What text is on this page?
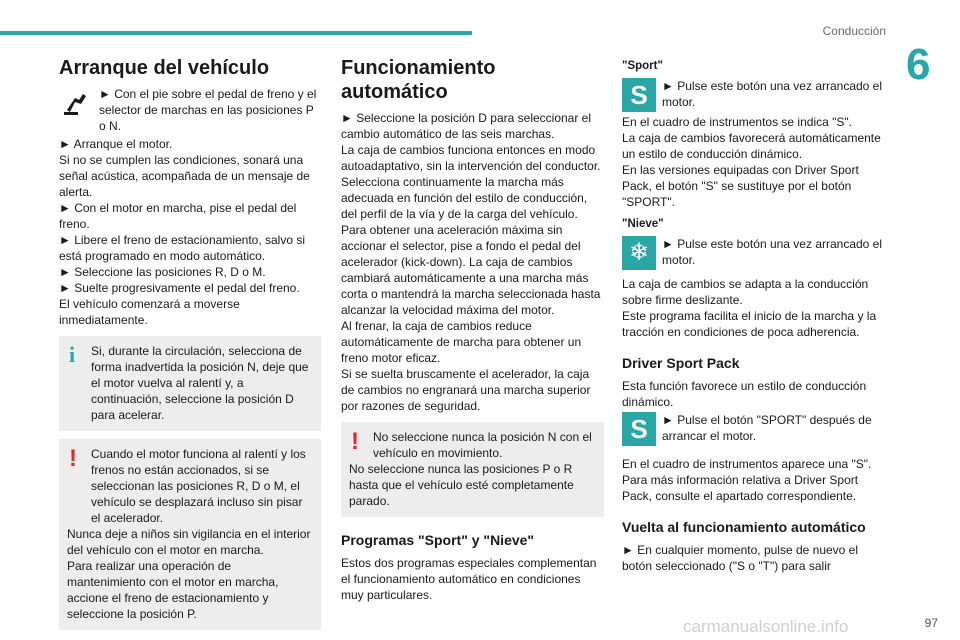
Conducción
6
Arranque del vehículo

► Con el pie sobre el pedal de freno y el selector de marchas en las posiciones P o N.

► Arranque el motor.

Si no se cumplen las condiciones, sonará una señal acústica, acompañada de un mensaje de alerta.

► Con el motor en marcha, pise el pedal del freno.

► Libere el freno de estacionamiento, salvo si está programado en modo automático.

► Seleccione las posiciones R, D o M.

► Suelte progresivamente el pedal del freno.

El vehículo comenzará a moverse inmediatamente.

i	Si, durante la circulación, selecciona de forma inadvertida la posición N, deje que el motor vuelva al ralentí y, a continuación, seleccione la posición D para acelerar.

!	Cuando el motor funciona al ralentí y los frenos no están accionados, si se seleccionan las posiciones R, D o M, el vehículo se desplazará incluso sin pisar el acelerador.

Nunca deje a niños sin vigilancia en el interior del vehículo con el motor en marcha.

Para realizar una operación de mantenimiento con el motor en marcha, accione el freno de estacionamiento y seleccione la posición P.

Funcionamiento automático

► Seleccione la posición D para seleccionar el cambio automático de las seis marchas.

La caja de cambios funciona entonces en modo autoadaptativo, sin la intervención del conductor.

Selecciona continuamente la marcha más adecuada en función del estilo de conducción, del perfil de la vía y de la carga del vehículo.

Para obtener una aceleración máxima sin accionar el selector, pise a fondo el pedal del acelerador (kick-down). La caja de cambios cambiará automáticamente a una marcha más corta o mantendrá la marcha seleccionada hasta alcanzar la velocidad máxima del motor.

Al frenar, la caja de cambios reduce automáticamente de marcha para obtener un freno motor eficaz.

Si se suelta bruscamente el acelerador, la caja de cambios no engranará una marcha superior por razones de seguridad.

!	No seleccione nunca la posición N con el vehículo en movimiento.

No seleccione nunca las posiciones P o R hasta que el vehículo esté completamente parado.

Programas "Sport" y "Nieve"

Estos dos programas especiales complementan el funcionamiento automático en condiciones muy particulares.

"Sport"
S	► Pulse este botón una vez arrancado el motor.

En el cuadro de instrumentos se indica "S".

La caja de cambios favorecerá automáticamente un estilo de conducción dinámico.

En las versiones equipadas con Driver Sport Pack, el botón "S" se sustituye por el botón "SPORT".

"Nieve"
❄	► Pulse este botón una vez arrancado el motor.

La caja de cambios se adapta a la conducción sobre firme deslizante.

Este programa facilita el inicio de la marcha y la tracción en condiciones de poca adherencia.

Driver Sport Pack

Esta función favorece un estilo de conducción dinámico.

S	► Pulse el botón "SPORT" después de arrancar el motor.

En el cuadro de instrumentos aparece una "S".

Para más información relativa a Driver Sport Pack, consulte el apartado correspondiente.

Vuelta al funcionamiento automático

► En cualquier momento, pulse de nuevo el botón seleccionado ("S o "T") para salir

97
carmanualsonline.info
